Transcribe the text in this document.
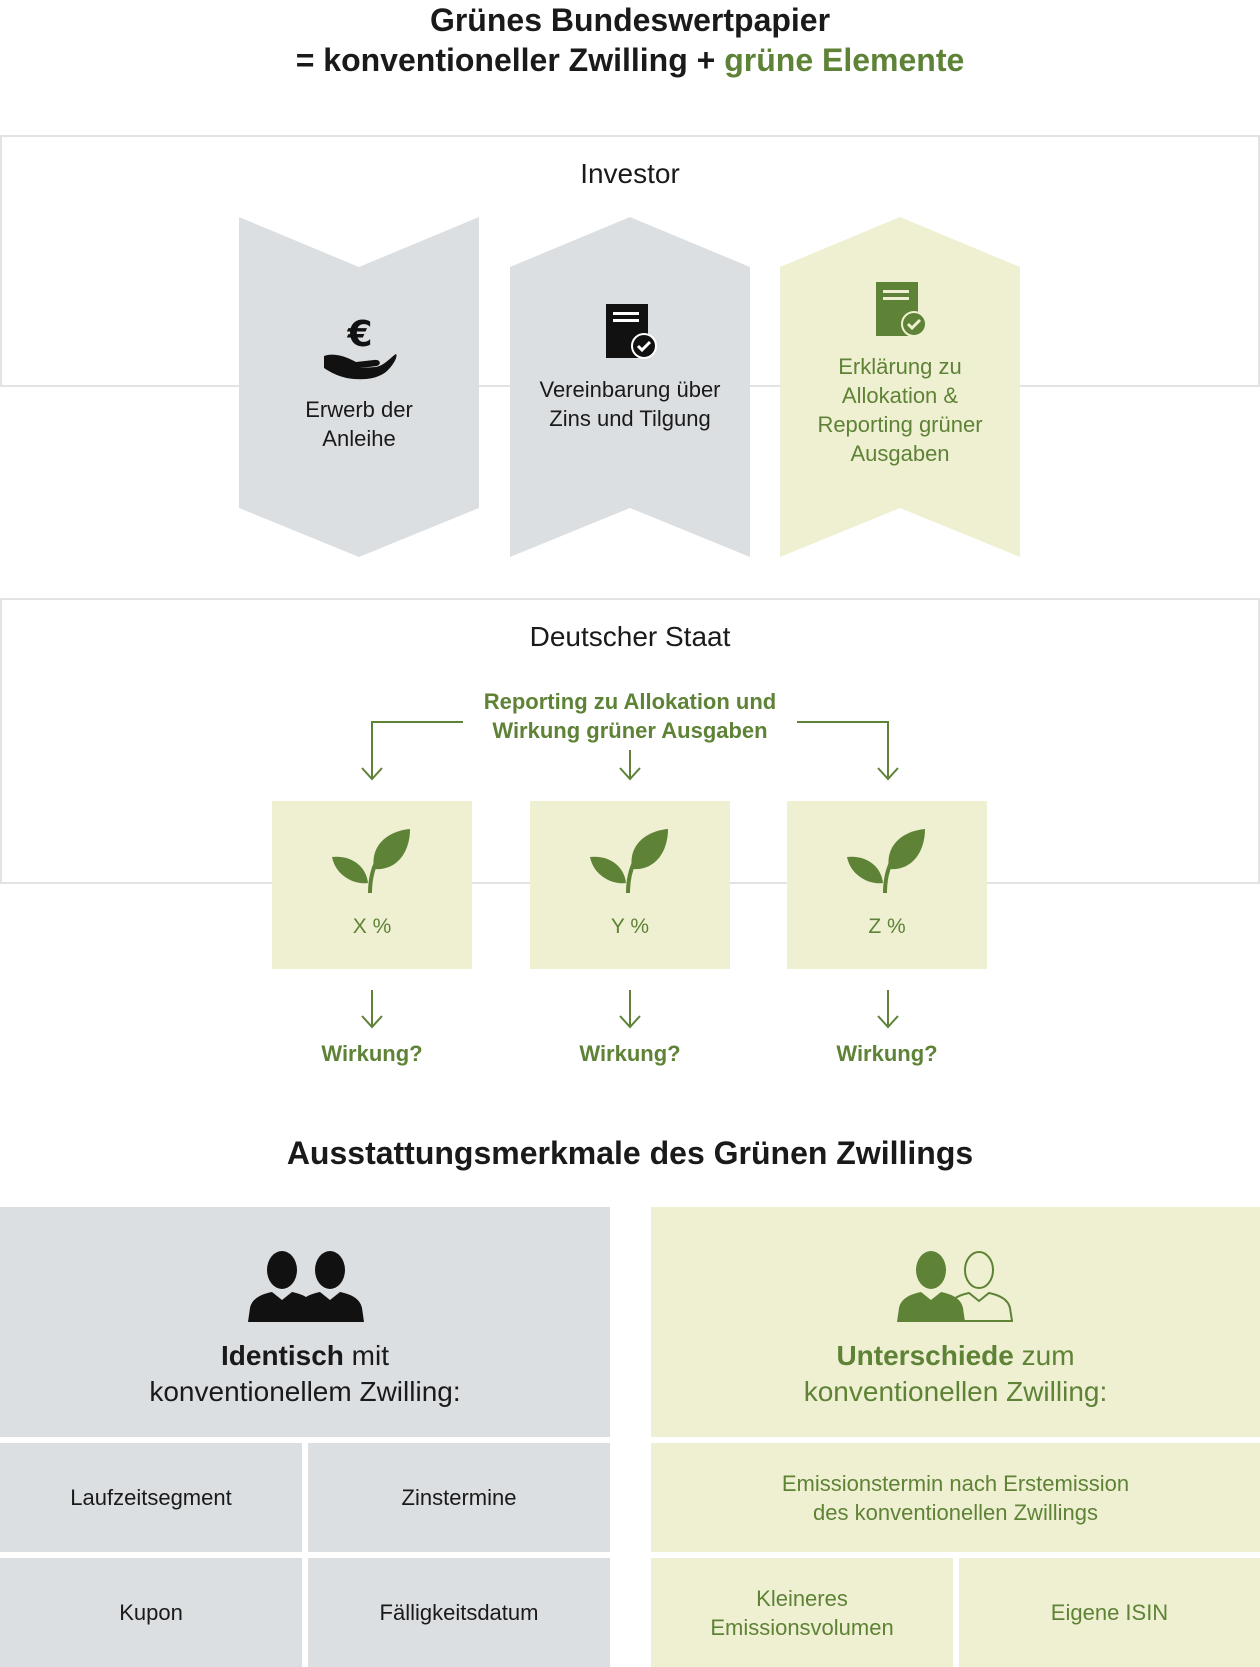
Grünes Bundeswertpapier
= konventioneller Zwilling + grüne Elemente
Investor
€
Erwerb der Anleihe
Vereinbarung über Zins und Tilgung
Erklärung zu Allokation & Reporting grüner Ausgaben
Deutscher Staat
Reporting zu Allokation und
Wirkung grüner Ausgaben
X %	Y %	Z %
Wirkung?	Wirkung?	Wirkung?
Ausstattungsmerkmale des Grünen Zwillings
Identisch mit
konventionellem Zwilling:
Laufzeitsegment	Zinstermine
Kupon	Fälligkeitsdatum
Unterschiede zum
konventionellen Zwilling:
Emissionstermin nach Erstemission des konventionellen Zwillings
Kleineres Emissionsvolumen
Eigene ISIN
